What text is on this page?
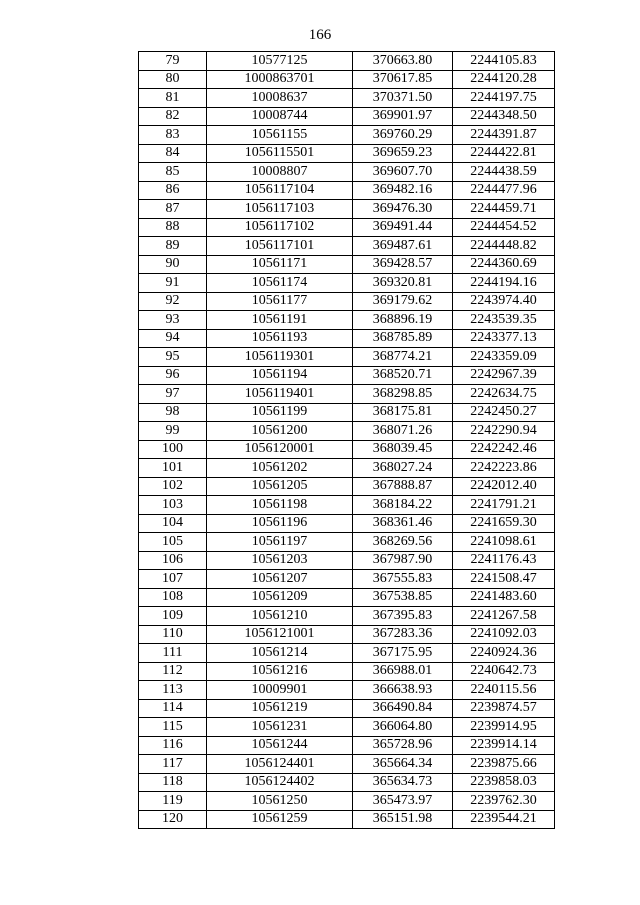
166
79	10577125	370663.80	2244105.83
80	1000863701	370617.85	2244120.28
81	10008637	370371.50	2244197.75
82	10008744	369901.97	2244348.50
83	10561155	369760.29	2244391.87
84	1056115501	369659.23	2244422.81
85	10008807	369607.70	2244438.59
86	1056117104	369482.16	2244477.96
87	1056117103	369476.30	2244459.71
88	1056117102	369491.44	2244454.52
89	1056117101	369487.61	2244448.82
90	10561171	369428.57	2244360.69
91	10561174	369320.81	2244194.16
92	10561177	369179.62	2243974.40
93	10561191	368896.19	2243539.35
94	10561193	368785.89	2243377.13
95	1056119301	368774.21	2243359.09
96	10561194	368520.71	2242967.39
97	1056119401	368298.85	2242634.75
98	10561199	368175.81	2242450.27
99	10561200	368071.26	2242290.94
100	1056120001	368039.45	2242242.46
101	10561202	368027.24	2242223.86
102	10561205	367888.87	2242012.40
103	10561198	368184.22	2241791.21
104	10561196	368361.46	2241659.30
105	10561197	368269.56	2241098.61
106	10561203	367987.90	2241176.43
107	10561207	367555.83	2241508.47
108	10561209	367538.85	2241483.60
109	10561210	367395.83	2241267.58
110	1056121001	367283.36	2241092.03
111	10561214	367175.95	2240924.36
112	10561216	366988.01	2240642.73
113	10009901	366638.93	2240115.56
114	10561219	366490.84	2239874.57
115	10561231	366064.80	2239914.95
116	10561244	365728.96	2239914.14
117	1056124401	365664.34	2239875.66
118	1056124402	365634.73	2239858.03
119	10561250	365473.97	2239762.30
120	10561259	365151.98	2239544.21
